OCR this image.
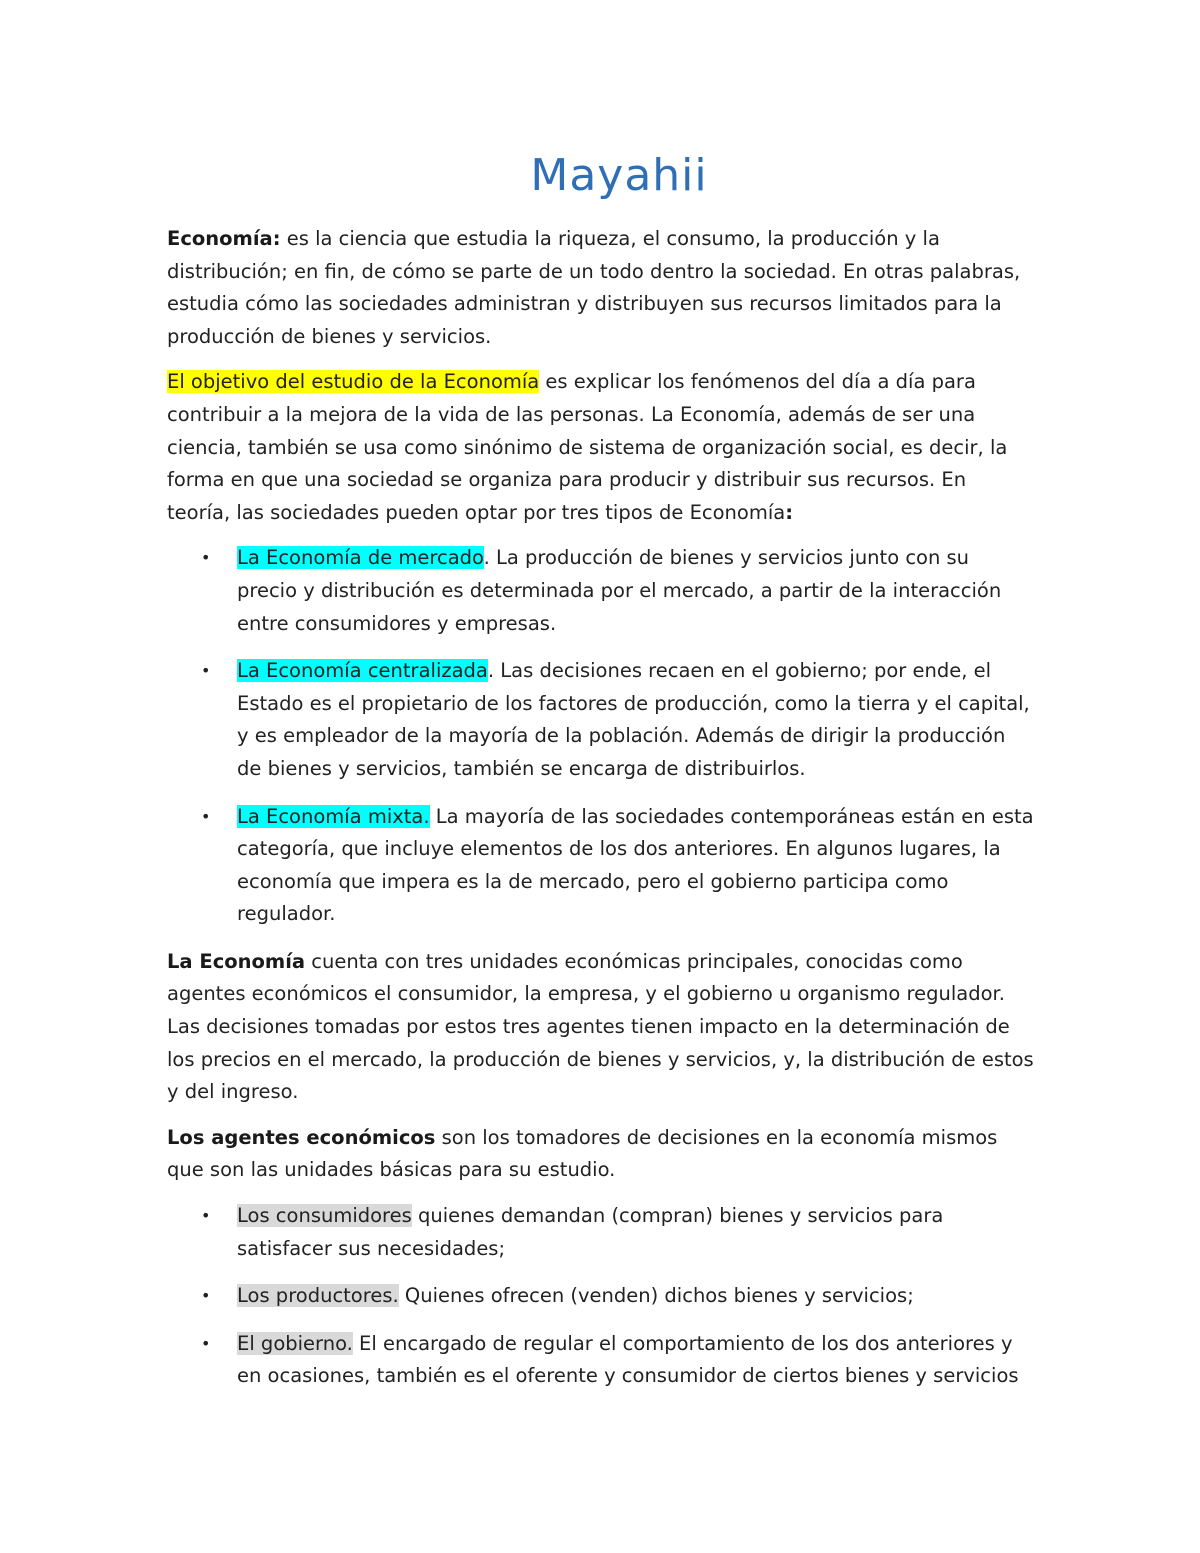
Mayahii

Economía: es la ciencia que estudia la riqueza, el consumo, la producción y la distribución; en fin, de cómo se parte de un todo dentro la sociedad. En otras palabras, estudia cómo las sociedades administran y distribuyen sus recursos limitados para la producción de bienes y servicios.

El objetivo del estudio de la Economía es explicar los fenómenos del día a día para contribuir a la mejora de la vida de las personas. La Economía, además de ser una ciencia, también se usa como sinónimo de sistema de organización social, es decir, la forma en que una sociedad se organiza para producir y distribuir sus recursos. En teoría, las sociedades pueden optar por tres tipos de Economía:

• La Economía de mercado. La producción de bienes y servicios junto con su precio y distribución es determinada por el mercado, a partir de la interacción entre consumidores y empresas.
• La Economía centralizada. Las decisiones recaen en el gobierno; por ende, el Estado es el propietario de los factores de producción, como la tierra y el capital, y es empleador de la mayoría de la población. Además de dirigir la producción de bienes y servicios, también se encarga de distribuirlos.
• La Economía mixta. La mayoría de las sociedades contemporáneas están en esta categoría, que incluye elementos de los dos anteriores. En algunos lugares, la economía que impera es la de mercado, pero el gobierno participa como regulador.

La Economía cuenta con tres unidades económicas principales, conocidas como agentes económicos el consumidor, la empresa, y el gobierno u organismo regulador. Las decisiones tomadas por estos tres agentes tienen impacto en la determinación de los precios en el mercado, la producción de bienes y servicios, y, la distribución de estos y del ingreso.

Los agentes económicos son los tomadores de decisiones en la economía mismos que son las unidades básicas para su estudio.

• Los consumidores quienes demandan (compran) bienes y servicios para satisfacer sus necesidades;
• Los productores. Quienes ofrecen (venden) dichos bienes y servicios;
• El gobierno. El encargado de regular el comportamiento de los dos anteriores y en ocasiones, también es el oferente y consumidor de ciertos bienes y servicios
